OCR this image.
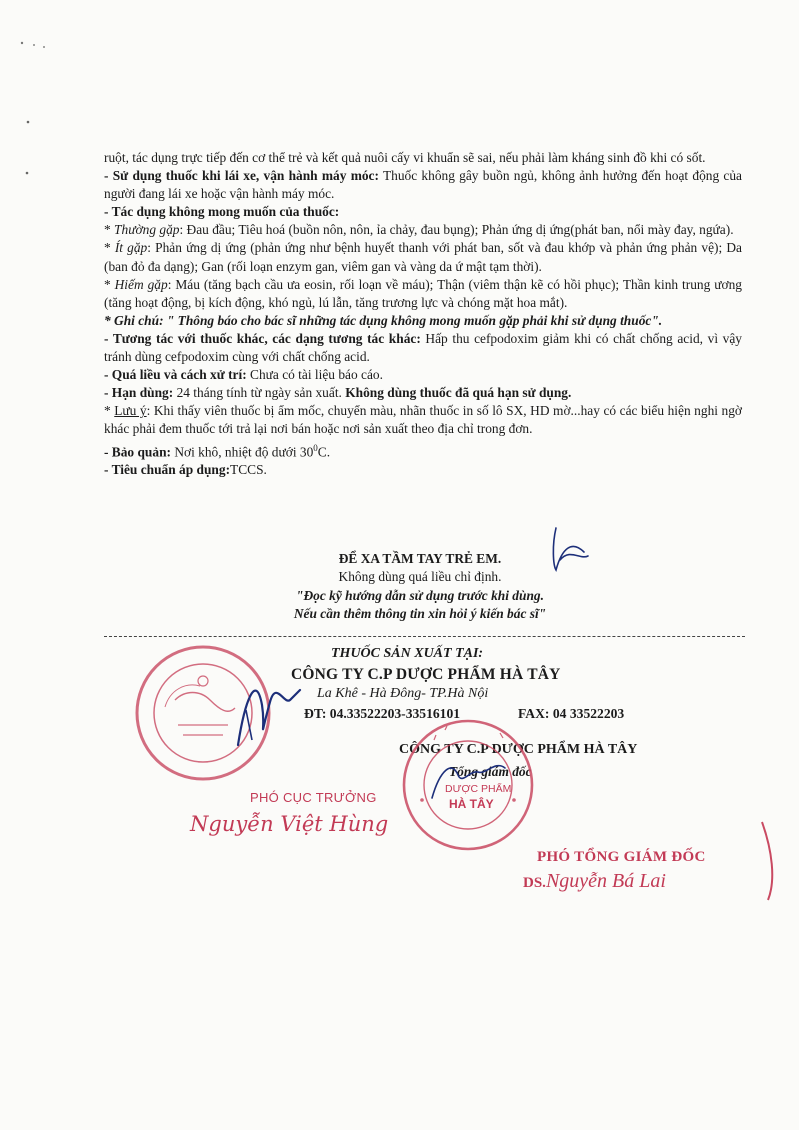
ruột, tác dụng trực tiếp đến cơ thể trẻ và kết quả nuôi cấy vi khuẩn sẽ sai, nếu phải làm kháng sinh đồ khi có sốt.

- Sử dụng thuốc khi lái xe, vận hành máy móc: Thuốc không gây buồn ngủ, không ảnh hưởng đến hoạt động của người đang lái xe hoặc vận hành máy móc.

- Tác dụng không mong muốn của thuốc:

* Thường gặp: Đau đầu; Tiêu hoá (buồn nôn, nôn, ỉa chảy, đau bụng); Phản ứng dị ứng(phát ban, nổi mày đay, ngứa).

* Ít gặp: Phản ứng dị ứng (phản ứng như bệnh huyết thanh với phát ban, sốt và đau khớp và phản ứng phản vệ); Da (ban đỏ đa dạng); Gan (rối loạn enzym gan, viêm gan và vàng da ứ mật tạm thời).

* Hiếm gặp: Máu (tăng bạch cầu ưa eosin, rối loạn về máu); Thận (viêm thận kẽ có hồi phục); Thần kinh trung ương (tăng hoạt động, bị kích động, khó ngủ, lú lẫn, tăng trương lực và chóng mặt hoa mắt).

* Ghi chú: " Thông báo cho bác sĩ những tác dụng không mong muốn gặp phải khi sử dụng thuốc".

- Tương tác với thuốc khác, các dạng tương tác khác: Hấp thu cefpodoxim giảm khi có chất chống acid, vì vậy tránh dùng cefpodoxim cùng với chất chống acid.

- Quá liều và cách xử trí: Chưa có tài liệu báo cáo.

- Hạn dùng: 24 tháng tính từ ngày sản xuất. Không dùng thuốc đã quá hạn sử dụng.

* Lưu ý: Khi thấy viên thuốc bị ẩm mốc, chuyển màu, nhãn thuốc in số lô SX, HD mờ...hay có các biểu hiện nghi ngờ khác phải đem thuốc tới trả lại nơi bán hoặc nơi sản xuất theo địa chỉ trong đơn.

- Bảo quản: Nơi khô, nhiệt độ dưới $30^0C$.

- Tiêu chuẩn áp dụng:TCCS.

ĐỂ XA TẦM TAY TRẺ EM.
Không dùng quá liều chỉ định.
"Đọc kỹ hướng dẫn sử dụng trước khi dùng.
Nếu cần thêm thông tin xin hỏi ý kiến bác sĩ"
THUỐC SẢN XUẤT TẠI:
CÔNG TY C.P DƯỢC PHẨM HÀ TÂY
La Khê - Hà Đông- TP.Hà Nội
ĐT: 04.33522203-33516101	FAX: 04 33522203
CÔNG TY C.P DƯỢC PHẨM HÀ TÂY
Tổng giám đốc
DƯỢC PHẨM
HÀ TÂY
PHÓ CỤC TRƯỞNG
Nguyễn Việt Hùng
PHÓ TỔNG GIÁM ĐỐC
DS.Nguyễn Bá Lai
